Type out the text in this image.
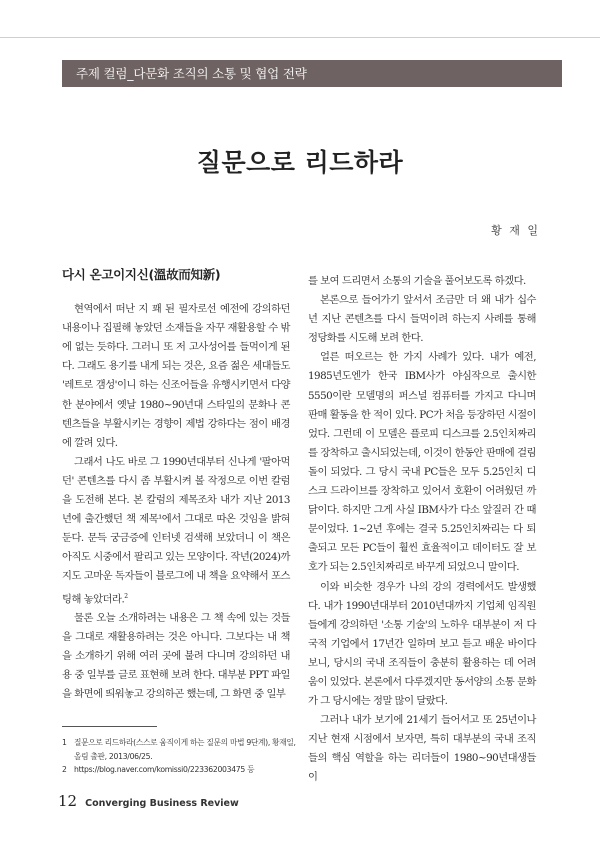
주제 컬럼_다문화 조직의 소통 및 협업 전략
질문으로 리드하라
황 재 일
다시 온고이지신(溫故而知新)

현역에서 떠난 지 꽤 된 필자로선 예전에 강의하던 내용이나 집필해 놓았던 소재들을 자꾸 재활용할 수 밖에 없는 듯하다. 그러니 또 저 고사성어를 들먹이게 된다. 그래도 용기를 내게 되는 것은, 요즘 젊은 세대들도 '레트로 갬성'이니 하는 신조어들을 유행시키면서 다양한 분야에서 옛날 1980~90년대 스타일의 문화나 콘텐츠들을 부활시키는 경향이 제법 강하다는 점이 배경에 깔려 있다.

그래서 나도 바로 그 1990년대부터 신나게 '팔아먹던' 콘텐츠를 다시 좀 부활시켜 볼 작정으로 이번 칼럼을 도전해 본다. 본 칼럼의 제목조차 내가 지난 2013년에 출간했던 책 제목¹에서 그대로 따온 것임을 밝혀둔다. 문득 궁금증에 인터넷 검색해 보았더니 이 책은 아직도 시중에서 팔리고 있는 모양이다. 작년(2024)까지도 고마운 독자들이 블로그에 내 책을 요약해서 포스팅해 놓았더라.$^2$

물론 오늘 소개하려는 내용은 그 책 속에 있는 것들을 그대로 재활용하려는 것은 아니다. 그보다는 내 책을 소개하기 위해 여러 곳에 불려 다니며 강의하던 내용 중 일부를 글로 표현해 보려 한다. 대부분 PPT 파일을 화면에 띄워놓고 강의하곤 했는데, 그 화면 중 일부

를 보여 드리면서 소통의 기술을 풀어보도록 하겠다.

본론으로 들어가기 앞서서 조금만 더 왜 내가 십수년 지난 콘텐츠를 다시 들먹이려 하는지 사례를 통해 정당화를 시도해 보려 한다.

얼른 떠오르는 한 가지 사례가 있다. 내가 예전, 1985년도엔가 한국 IBM사가 야심작으로 출시한 5550이란 모델명의 퍼스널 컴퓨터를 가지고 다니며 판매 활동을 한 적이 있다. PC가 처음 등장하던 시절이었다. 그런데 이 모델은 플로피 디스크를 2.5인치짜리를 장착하고 출시되었는데, 이것이 한동안 판매에 걸림돌이 되었다. 그 당시 국내 PC들은 모두 5.25인치 디스크 드라이브를 장착하고 있어서 호환이 어려웠던 까닭이다. 하지만 그게 사실 IBM사가 다소 앞질러 간 때문이었다. 1~2년 후에는 결국 5.25인치짜리는 다 퇴출되고 모든 PC들이 훨씬 효율적이고 데이터도 잘 보호가 되는 2.5인치짜리로 바꾸게 되었으니 말이다.

이와 비슷한 경우가 나의 강의 경력에서도 발생했다. 내가 1990년대부터 2010년대까지 기업체 임직원들에게 강의하던 '소통 기술'의 노하우 대부분이 저 다국적 기업에서 17년간 일하며 보고 듣고 배운 바이다 보니, 당시의 국내 조직들이 충분히 활용하는 데 어려움이 있었다. 본론에서 다루겠지만 동서양의 소통 문화가 그 당시에는 정말 많이 달랐다.

그러나 내가 보기에 21세기 들어서고 또 25년이나 지난 현재 시점에서 보자면, 특히 대부분의 국내 조직들의 핵심 역할을 하는 리더들이 1980~90년대생들이

1 질문으로 리드하라(스스로 움직이게 하는 질문의 마법 9단계), 황재일, 올림 출판, 2013/06/25.
2 https://blog.naver.com/komissi0/223362003475 등
12 Converging Business Review
